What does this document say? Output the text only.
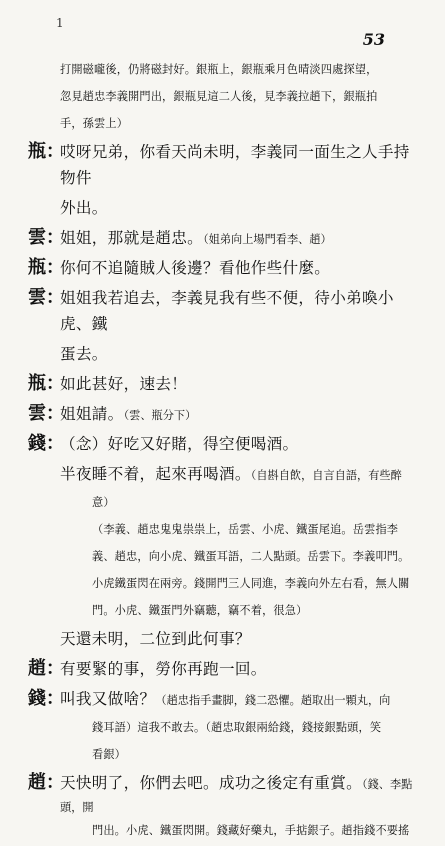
1
53
打開磁嚨後，仍將磁封好。銀瓶上，銀瓶乘月色晴淡四處探望，
忽見趙忠李義開門出，銀瓶見這二人後，見李義拉趙下，銀瓶拍
手，孫雲上）
瓶：
哎呀兄弟，你看天尚未明，李義同一面生之人手持物件
外出。
雲：
姐姐，那就是趙忠。（姐弟向上場門看李、趙）
瓶：
你何不追隨賊人後邊？看他作些什麼。
雲：
姐姐我若追去，李義見我有些不便，待小弟喚小虎、鐵
蛋去。
瓶：
如此甚好，速去！
雲：
姐姐請。（雲、瓶分下）
錢：
（念）好吃又好賭，得空便喝酒。
半夜睡不着，起來再喝酒。（自斟自飲，自言自語，有些醉
意）
（李義、趙忠鬼鬼祟祟上，岳雲、小虎、鐵蛋尾追。岳雲指李
義、趙忠，向小虎、鐵蛋耳語，二人點頭。岳雲下。李義叩門。
小虎鐵蛋閃在兩旁。錢開門三人同進，李義向外左右看，無人關
門。小虎、鐵蛋門外竊聽，竊不着，很急）
天還未明，二位到此何事？
趙：
有要緊的事，勞你再跑一回。
錢：
叫我又做啥？（趙忠指手畫脚，錢二恐懼。趙取出一顆丸，向
錢耳語）這我不敢去。（趙忠取銀兩給錢，錢接銀點頭，笑
看銀）
趙：
天快明了，你們去吧。成功之後定有重賞。（錢、李點頭，開
門出。小虎、鐵蛋閃開。錢藏好藥丸，手掂銀子。趙指錢不要搖
